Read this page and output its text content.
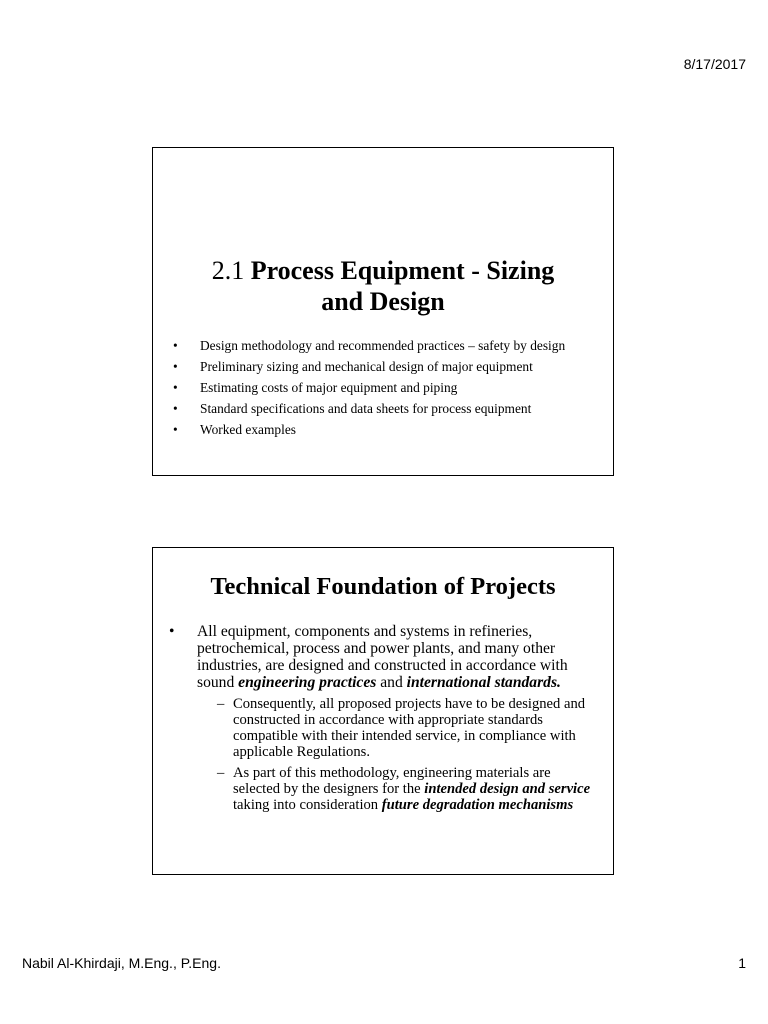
8/17/2017
2.1 Process Equipment - Sizing
and Design
• Design methodology and recommended practices – safety by design
• Preliminary sizing and mechanical design of major equipment
• Estimating costs of major equipment and piping
• Standard specifications and data sheets for process equipment
• Worked examples
Technical Foundation of Projects
• All equipment, components and systems in refineries, petrochemical, process and power plants, and many other industries, are designed and constructed in accordance with sound engineering practices and international standards.
– Consequently, all proposed projects have to be designed and constructed in accordance with appropriate standards compatible with their intended service, in compliance with applicable Regulations.
– As part of this methodology, engineering materials are selected by the designers for the intended design and service taking into consideration future degradation mechanisms
Nabil Al-Khirdaji, M.Eng., P.Eng.	1
